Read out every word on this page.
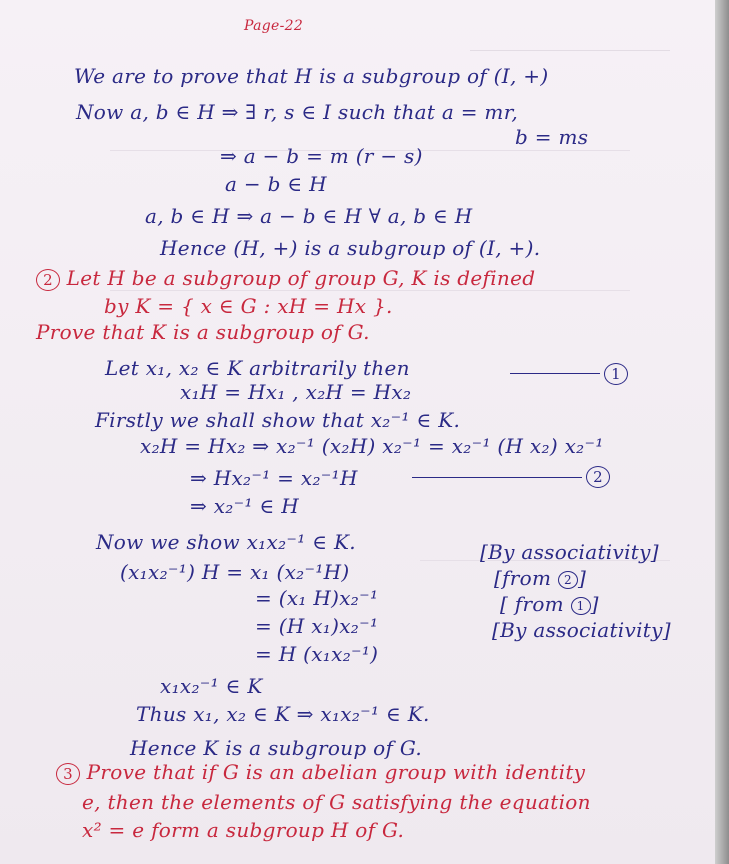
Page-22
We are to prove that H is a subgroup of (I, +)
Now a, b ∈ H ⇒ ∃ r, s ∈ I such that a = mr,
b = ms
⇒ a − b = m (r − s)
a − b ∈ H
a, b ∈ H ⇒ a − b ∈ H ∀ a, b ∈ H
Hence (H, +) is a subgroup of (I, +).
2 Let H be a subgroup of group G, K is defined
by K = { x ∈ G : xH = Hx }.
Prove that K is a subgroup of G.
Let x₁, x₂ ∈ K arbitrarily then	1
x₁H = Hx₁ , x₂H = Hx₂
Firstly we shall show that x₂⁻¹ ∈ K.
x₂H = Hx₂ ⇒ x₂⁻¹ (x₂H) x₂⁻¹ = x₂⁻¹ (H x₂) x₂⁻¹
⇒ Hx₂⁻¹ = x₂⁻¹H	2
⇒ x₂⁻¹ ∈ H
Now we show x₁x₂⁻¹ ∈ K.
(x₁x₂⁻¹) H = x₁ (x₂⁻¹H)
[By associativity]
= (x₁ H)x₂⁻¹
[from 2 ]
= (H x₁)x₂⁻¹
[ from 1 ]
= H (x₁x₂⁻¹)
[By associativity]
x₁x₂⁻¹ ∈ K
Thus x₁, x₂ ∈ K ⇒ x₁x₂⁻¹ ∈ K.
Hence K is a subgroup of G.
3 Prove that if G is an abelian group with identity
e, then the elements of G satisfying the equation
x² = e form a subgroup H of G.
